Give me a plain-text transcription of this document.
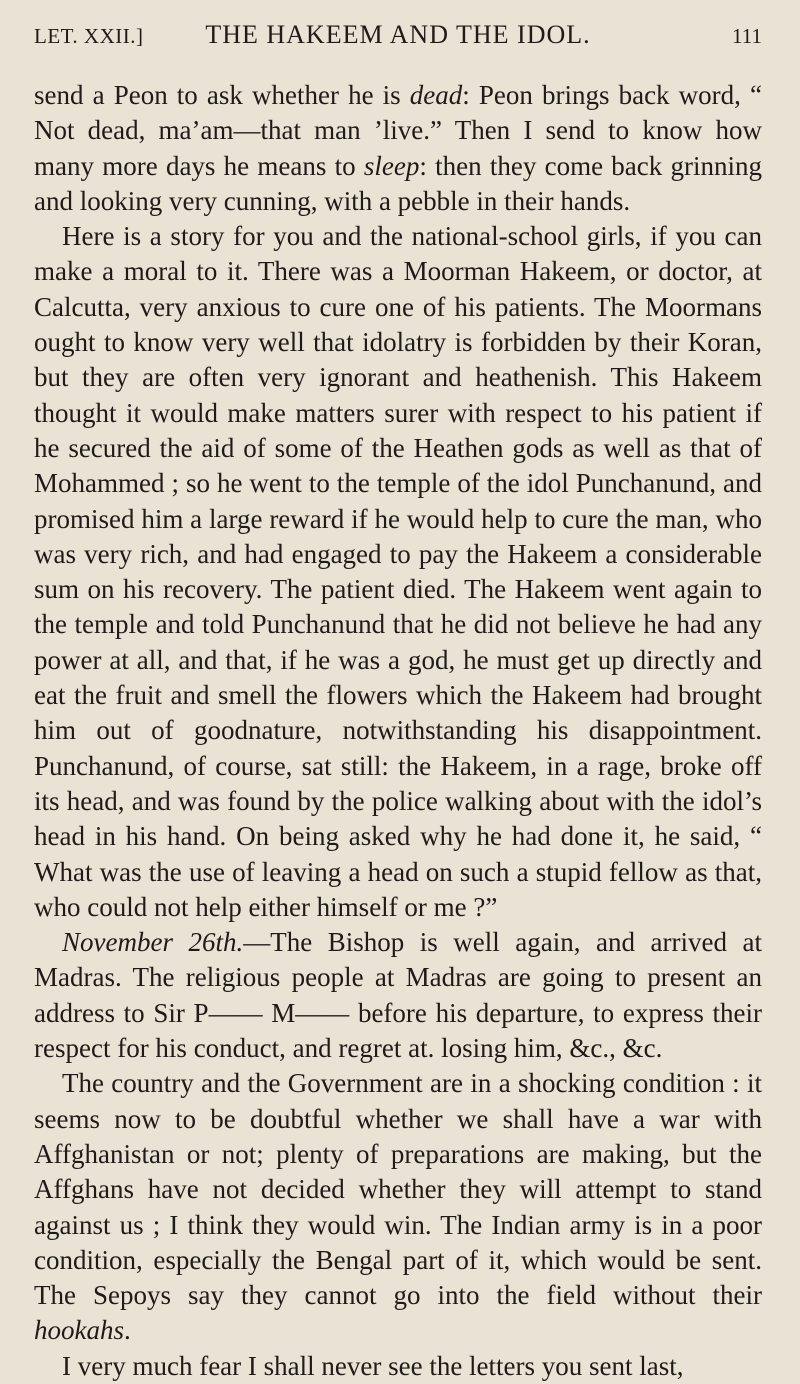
LET. XXII.]	THE HAKEEM AND THE IDOL.	111

send a Peon to ask whether he is dead: Peon brings back word, “ Not dead, ma’am—that man ’live.” Then I send to know how many more days he means to sleep: then they come back grinning and looking very cunning, with a pebble in their hands.

Here is a story for you and the national-school girls, if you can make a moral to it. There was a Moorman Hakeem, or doctor, at Calcutta, very anxious to cure one of his patients. The Moormans ought to know very well that idolatry is forbidden by their Koran, but they are often very ignorant and heathenish. This Hakeem thought it would make matters surer with respect to his patient if he secured the aid of some of the Heathen gods as well as that of Mohammed ; so he went to the temple of the idol Punchanund, and promised him a large reward if he would help to cure the man, who was very rich, and had engaged to pay the Hakeem a considerable sum on his recovery. The patient died. The Hakeem went again to the temple and told Punchanund that he did not believe he had any power at all, and that, if he was a god, he must get up directly and eat the fruit and smell the flowers which the Hakeem had brought him out of goodnature, notwithstanding his disappointment. Punchanund, of course, sat still: the Hakeem, in a rage, broke off its head, and was found by the police walking about with the idol’s head in his hand. On being asked why he had done it, he said, “ What was the use of leaving a head on such a stupid fellow as that, who could not help either himself or me ?”

November 26th.—The Bishop is well again, and arrived at Madras. The religious people at Madras are going to present an address to Sir P—— M—— before his departure, to express their respect for his conduct, and regret at. losing him, &c., &c.

The country and the Government are in a shocking condition : it seems now to be doubtful whether we shall have a war with Affghanistan or not; plenty of preparations are making, but the Affghans have not decided whether they will attempt to stand against us ; I think they would win. The Indian army is in a poor condition, especially the Bengal part of it, which would be sent. The Sepoys say they cannot go into the field without their hookahs.

I very much fear I shall never see the letters you sent last,
